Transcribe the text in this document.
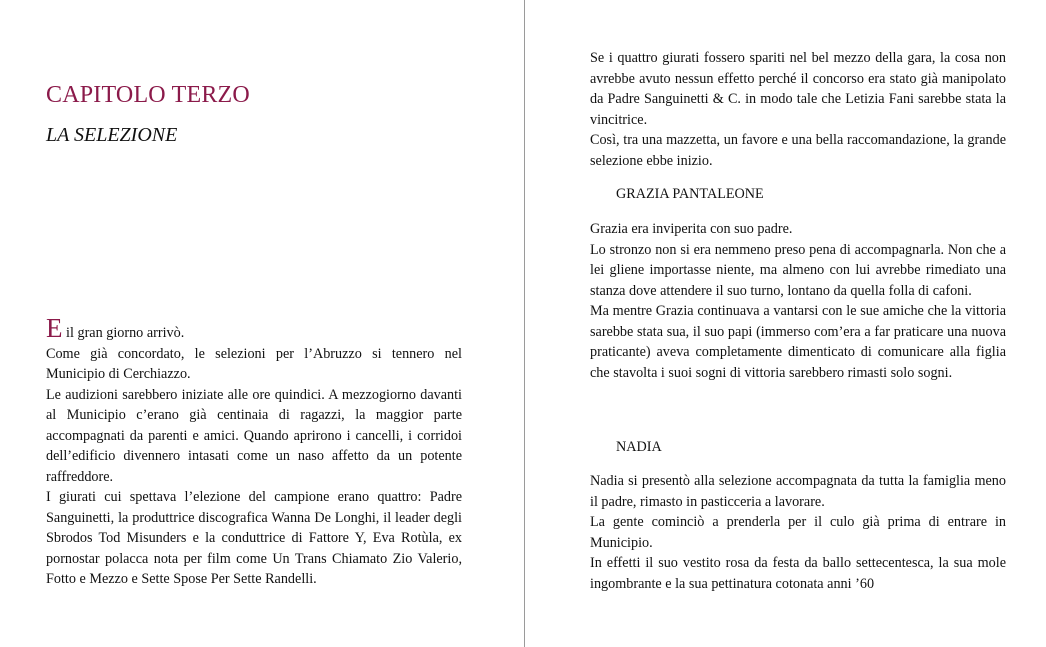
CAPITOLO TERZO
LA SELEZIONE

E il gran giorno arrivò.

Come già concordato, le selezioni per l’Abruzzo si tennero nel Municipio di Cerchiazzo.

Le audizioni sarebbero iniziate alle ore quindici. A mezzogiorno davanti al Municipio c’erano già centinaia di ragazzi, la maggior parte accompagnati da parenti e amici. Quando aprirono i cancelli, i corridoi dell’edificio divennero intasati come un naso affetto da un potente raffreddore.

I giurati cui spettava l’elezione del campione erano quattro: Padre Sanguinetti, la produttrice discografica Wanna De Longhi, il leader degli Sbrodos Tod Misunders e la conduttrice di Fattore Y, Eva Rotùla, ex pornostar polacca nota per film come Un Trans Chiamato Zio Valerio, Fotto e Mezzo e Sette Spose Per Sette Randelli.

Se i quattro giurati fossero spariti nel bel mezzo della gara, la cosa non avrebbe avuto nessun effetto perché il concorso era stato già manipolato da Padre Sanguinetti & C. in modo tale che Letizia Fani sarebbe stata la vincitrice.

Così, tra una mazzetta, un favore e una bella raccomandazione, la grande selezione ebbe inizio.

GRAZIA PANTALEONE

Grazia era inviperita con suo padre.

Lo stronzo non si era nemmeno preso pena di accompagnarla. Non che a lei gliene importasse niente, ma almeno con lui avrebbe rimediato una stanza dove attendere il suo turno, lontano da quella folla di cafoni.

Ma mentre Grazia continuava a vantarsi con le sue amiche che la vittoria sarebbe stata sua, il suo papi (immerso com’era a far praticare una nuova praticante) aveva completamente dimenticato di comunicare alla figlia che stavolta i suoi sogni di vittoria sarebbero rimasti solo sogni.

NADIA

Nadia si presentò alla selezione accompagnata da tutta la famiglia meno il padre, rimasto in pasticceria a lavorare.

La gente cominciò a prenderla per il culo già prima di entrare in Municipio.

In effetti il suo vestito rosa da festa da ballo settecentesca, la sua mole ingombrante e la sua pettinatura cotonata anni ’60
